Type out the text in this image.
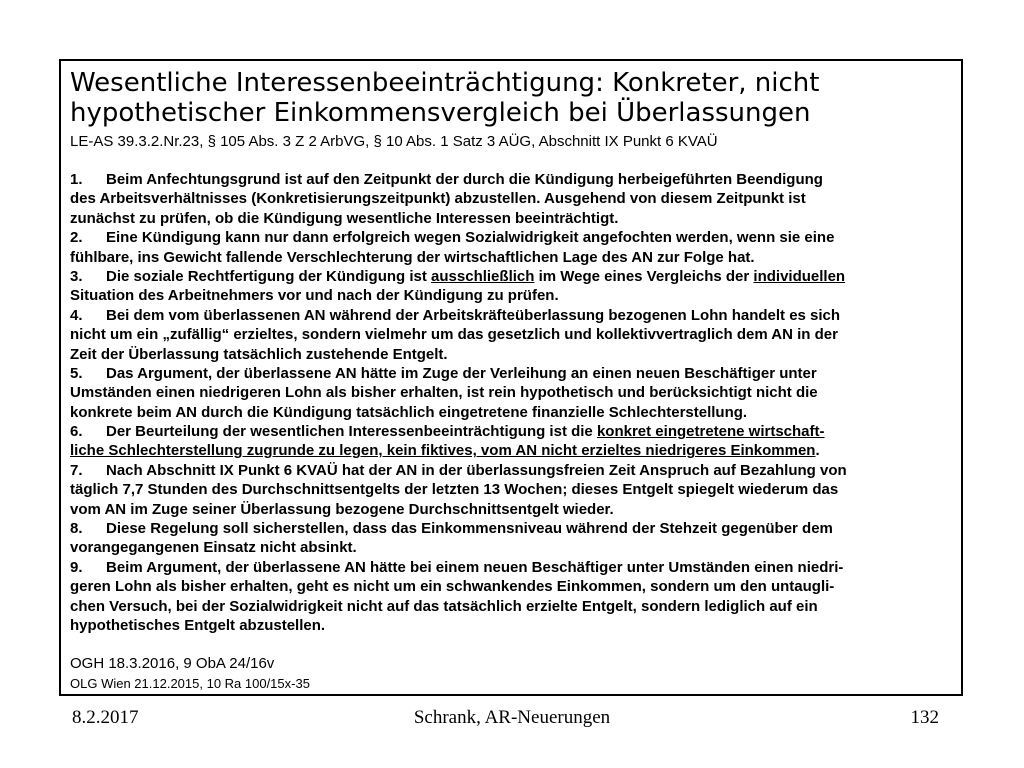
Wesentliche Interessenbeeinträchtigung: Konkreter, nicht
hypothetischer Einkommensvergleich bei Überlassungen
LE-AS 39.3.2.Nr.23, § 105 Abs. 3 Z 2 ArbVG, § 10 Abs. 1 Satz 3 AÜG, Abschnitt IX Punkt 6 KVAÜ
1. Beim Anfechtungsgrund ist auf den Zeitpunkt der durch die Kündigung herbeigeführten Beendigung
des Arbeitsverhältnisses (Konkretisierungszeitpunkt) abzustellen. Ausgehend von diesem Zeitpunkt ist
zunächst zu prüfen, ob die Kündigung wesentliche Interessen beeinträchtigt.
2. Eine Kündigung kann nur dann erfolgreich wegen Sozialwidrigkeit angefochten werden, wenn sie eine
fühlbare, ins Gewicht fallende Verschlechterung der wirtschaftlichen Lage des AN zur Folge hat.
3. Die soziale Rechtfertigung der Kündigung ist ausschließlich im Wege eines Vergleichs der individuellen
Situation des Arbeitnehmers vor und nach der Kündigung zu prüfen.
4. Bei dem vom überlassenen AN während der Arbeitskräfteüberlassung bezogenen Lohn handelt es sich
nicht um ein „zufällig“ erzieltes, sondern vielmehr um das gesetzlich und kollektivvertraglich dem AN in der
Zeit der Überlassung tatsächlich zustehende Entgelt.
5. Das Argument, der überlassene AN hätte im Zuge der Verleihung an einen neuen Beschäftiger unter
Umständen einen niedrigeren Lohn als bisher erhalten, ist rein hypothetisch und berücksichtigt nicht die
konkrete beim AN durch die Kündigung tatsächlich eingetretene finanzielle Schlechterstellung.
6. Der Beurteilung der wesentlichen Interessenbeeinträchtigung ist die konkret eingetretene wirtschaft-
liche Schlechterstellung zugrunde zu legen, kein fiktives, vom AN nicht erzieltes niedrigeres Einkommen.
7. Nach Abschnitt IX Punkt 6 KVAÜ hat der AN in der überlassungsfreien Zeit Anspruch auf Bezahlung von
täglich 7,7 Stunden des Durchschnittsentgelts der letzten 13 Wochen; dieses Entgelt spiegelt wiederum das
vom AN im Zuge seiner Überlassung bezogene Durchschnittsentgelt wieder.
8. Diese Regelung soll sicherstellen, dass das Einkommensniveau während der Stehzeit gegenüber dem
vorangegangenen Einsatz nicht absinkt.
9. Beim Argument, der überlassene AN hätte bei einem neuen Beschäftiger unter Umständen einen niedri-
geren Lohn als bisher erhalten, geht es nicht um ein schwankendes Einkommen, sondern um den untaugli-
chen Versuch, bei der Sozialwidrigkeit nicht auf das tatsächlich erzielte Entgelt, sondern lediglich auf ein
hypothetisches Entgelt abzustellen.
OGH 18.3.2016, 9 ObA 24/16v
OLG Wien 21.12.2015, 10 Ra 100/15x-35
8.2.2017	Schrank, AR-Neuerungen	132
